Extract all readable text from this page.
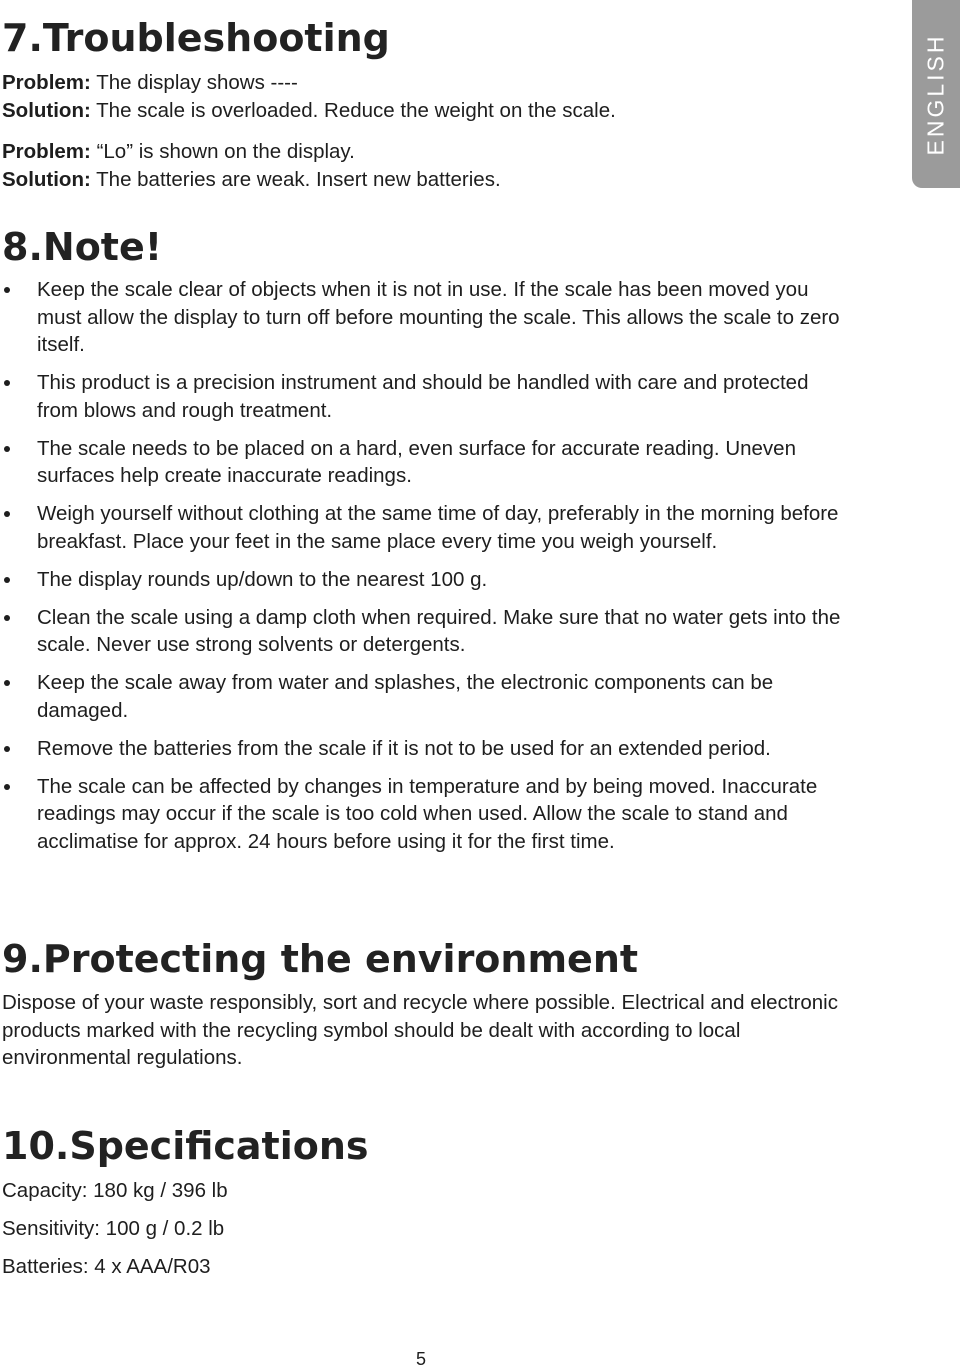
ENGLISH
7.Troubleshooting
Problem: The display shows ----
Solution: The scale is overloaded. Reduce the weight on the scale.
Problem: “Lo” is shown on the display.
Solution: The batteries are weak. Insert new batteries.
8.Note!
Keep the scale clear of objects when it is not in use. If the scale has been moved you must allow the display to turn off before mounting the scale. This allows the scale to zero itself.
This product is a precision instrument and should be handled with care and protected from blows and rough treatment.
The scale needs to be placed on a hard, even surface for accurate reading. Uneven surfaces help create inaccurate readings.
Weigh yourself without clothing at the same time of day, preferably in the morning before breakfast. Place your feet in the same place every time you weigh yourself.
The display rounds up/down to the nearest 100 g.
Clean the scale using a damp cloth when required. Make sure that no water gets into the scale. Never use strong solvents or detergents.
Keep the scale away from water and splashes, the electronic components can be damaged.
Remove the batteries from the scale if it is not to be used for an extended period.
The scale can be affected by changes in temperature and by being moved. Inaccurate readings may occur if the scale is too cold when used. Allow the scale to stand and acclimatise for approx. 24 hours before using it for the first time.
9.Protecting the environment

Dispose of your waste responsibly, sort and recycle where possible. Electrical and electronic products marked with the recycling symbol should be dealt with according to local environmental regulations.

10.Specifications

Capacity: 180 kg / 396 lb

Sensitivity: 100 g / 0.2 lb

Batteries: 4 x AAA/R03

5
